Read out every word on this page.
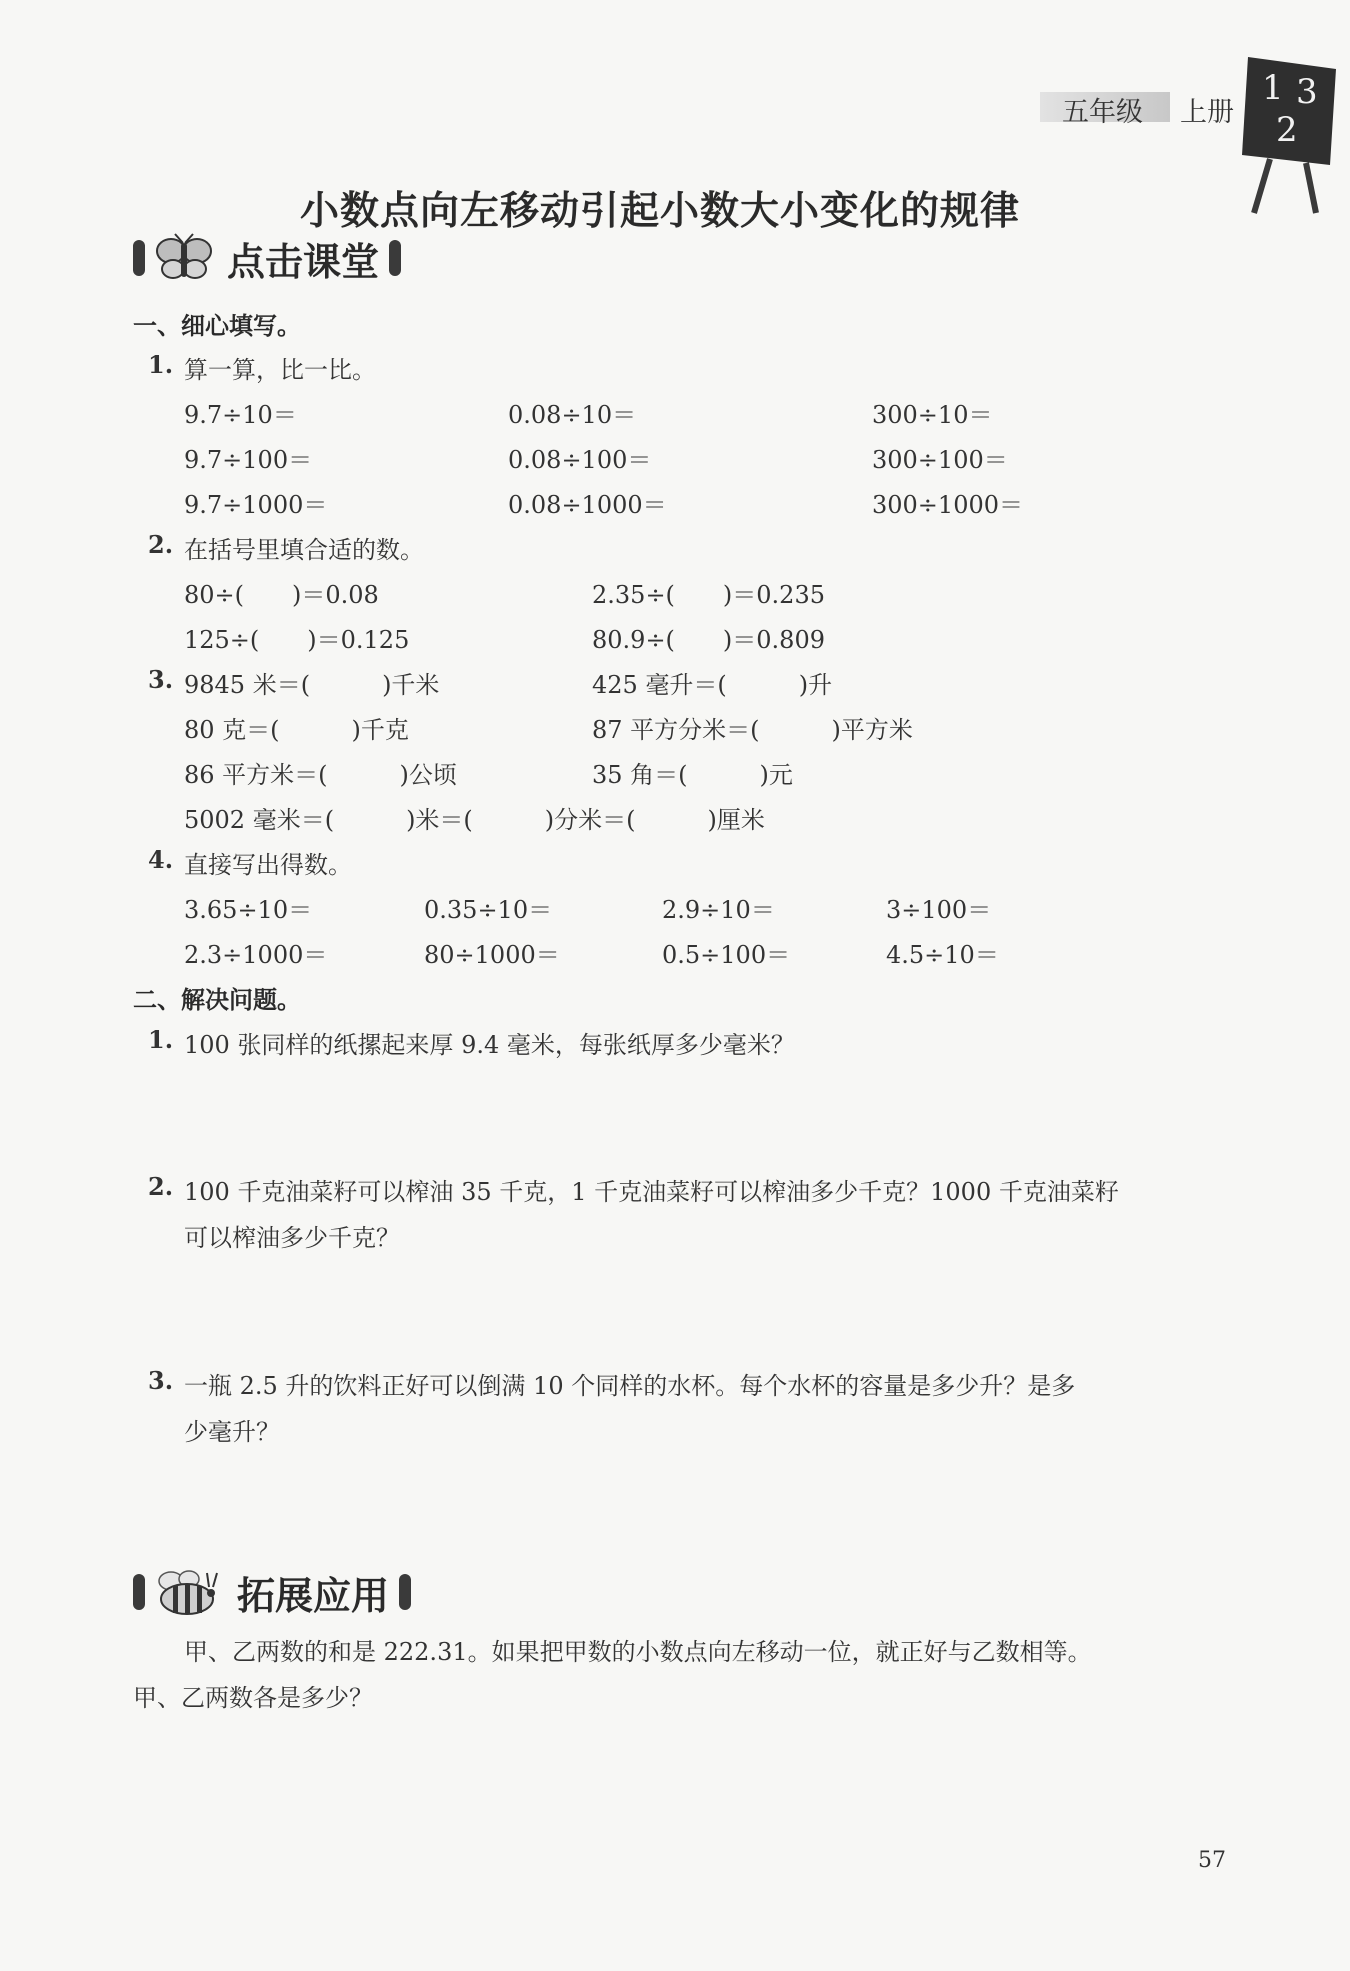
五年级 上册
1 3
2
小数点向左移动引起小数大小变化的规律
点击课堂
一、细心填写。
1. 算一算，比一比。
9.7÷10＝	0.08÷10＝	300÷10＝
9.7÷100＝	0.08÷100＝	300÷100＝
9.7÷1000＝	0.08÷1000＝	300÷1000＝
2. 在括号里填合适的数。
80÷(　　)＝0.08	2.35÷(　　)＝0.235
125÷(　　)＝0.125	80.9÷(　　)＝0.809
3. 9845 米＝(　　　)千米	425 毫升＝(　　　)升
80 克＝(　　　)千克	87 平方分米＝(　　　)平方米
86 平方米＝(　　　)公顷	35 角＝(　　　)元
5002 毫米＝(　　　)米＝(　　　)分米＝(　　　)厘米
4. 直接写出得数。
3.65÷10＝	0.35÷10＝	2.9÷10＝	3÷100＝
2.3÷1000＝	80÷1000＝	0.5÷100＝	4.5÷10＝
二、解决问题。
1. 100 张同样的纸摞起来厚 9.4 毫米，每张纸厚多少毫米？
2. 100 千克油菜籽可以榨油 35 千克，1 千克油菜籽可以榨油多少千克？1000 千克油菜籽
可以榨油多少千克？
3. 一瓶 2.5 升的饮料正好可以倒满 10 个同样的水杯。每个水杯的容量是多少升？是多
少毫升？
拓展应用
甲、乙两数的和是 222.31。如果把甲数的小数点向左移动一位，就正好与乙数相等。
甲、乙两数各是多少？
57
